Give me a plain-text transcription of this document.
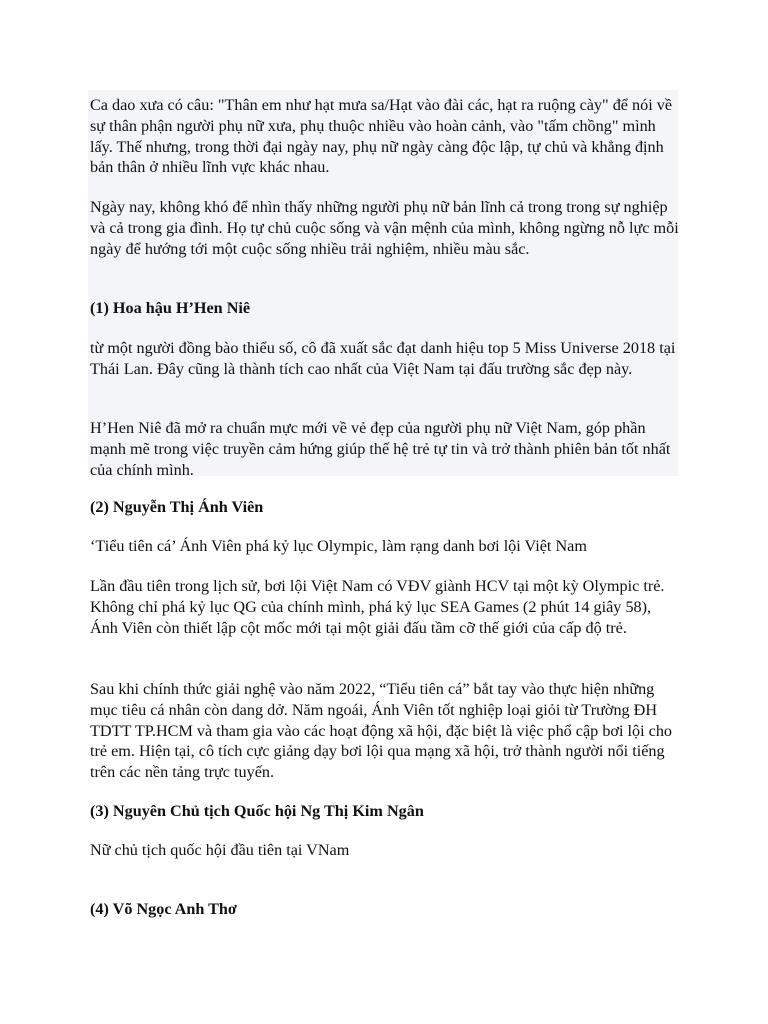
Ca dao xưa có câu: "Thân em như hạt mưa sa/Hạt vào đài các, hạt ra ruộng cày" để nói về sự thân phận người phụ nữ xưa, phụ thuộc nhiều vào hoàn cảnh, vào "tấm chồng" mình lấy. Thế nhưng, trong thời đại ngày nay, phụ nữ ngày càng độc lập, tự chủ và khẳng định bản thân ở nhiều lĩnh vực khác nhau.

Ngày nay, không khó để nhìn thấy những người phụ nữ bản lĩnh cả trong trong sự nghiệp và cả trong gia đình. Họ tự chủ cuộc sống và vận mệnh của mình, không ngừng nỗ lực mỗi ngày để hướng tới một cuộc sống nhiều trải nghiệm, nhiều màu sắc.

(1) Hoa hậu H’Hen Niê

từ một người đồng bào thiểu số, cô đã xuất sắc đạt danh hiệu top 5 Miss Universe 2018 tại Thái Lan. Đây cũng là thành tích cao nhất của Việt Nam tại đấu trường sắc đẹp này.

H’Hen Niê đã mở ra chuẩn mực mới về vẻ đẹp của người phụ nữ Việt Nam, góp phần mạnh mẽ trong việc truyền cảm hứng giúp thế hệ trẻ tự tin và trở thành phiên bản tốt nhất của chính mình.

(2) Nguyễn Thị Ánh Viên

‘Tiểu tiên cá’ Ánh Viên phá kỷ lục Olympic, làm rạng danh bơi lội Việt Nam

Lần đầu tiên trong lịch sử, bơi lội Việt Nam có VĐV giành HCV tại một kỳ Olympic trẻ. Không chỉ phá kỷ lục QG của chính mình, phá kỷ lục SEA Games (2 phút 14 giây 58), Ánh Viên còn thiết lập cột mốc mới tại một giải đấu tầm cỡ thế giới của cấp độ trẻ.

Sau khi chính thức giải nghệ vào năm 2022, “Tiểu tiên cá” bắt tay vào thực hiện những mục tiêu cá nhân còn dang dở. Năm ngoái, Ánh Viên tốt nghiệp loại giỏi từ Trường ĐH TDTT TP.HCM và tham gia vào các hoạt động xã hội, đặc biệt là việc phổ cập bơi lội cho trẻ em. Hiện tại, cô tích cực giảng dạy bơi lội qua mạng xã hội, trở thành người nổi tiếng trên các nền tảng trực tuyến.

(3) Nguyên Chủ tịch Quốc hội Ng Thị Kim Ngân

Nữ chủ tịch quốc hội đầu tiên tại VNam

(4) Võ Ngọc Anh Thơ
